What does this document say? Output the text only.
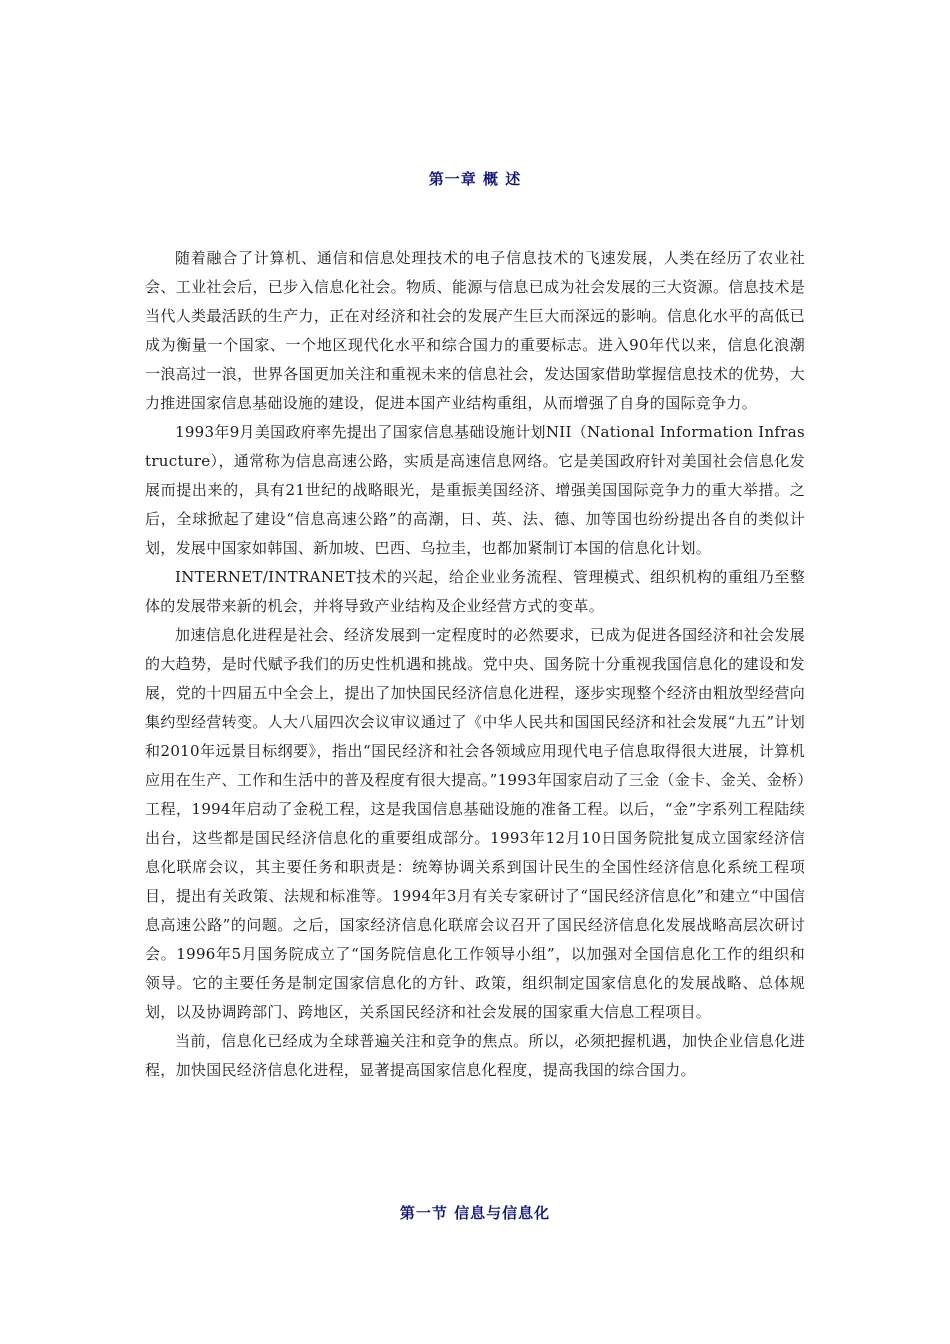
第一章 概 述

随着融合了计算机、通信和信息处理技术的电子信息技术的飞速发展，人类在经历了农业社会、工业社会后，已步入信息化社会。物质、能源与信息已成为社会发展的三大资源。信息技术是当代人类最活跃的生产力，正在对经济和社会的发展产生巨大而深远的影响。信息化水平的高低已成为衡量一个国家、一个地区现代化水平和综合国力的重要标志。进入90年代以来，信息化浪潮一浪高过一浪，世界各国更加关注和重视未来的信息社会，发达国家借助掌握信息技术的优势，大力推进国家信息基础设施的建设，促进本国产业结构重组，从而增强了自身的国际竞争力。

1993年9月美国政府率先提出了国家信息基础设施计划NII（National Information Infrastructure），通常称为信息高速公路，实质是高速信息网络。它是美国政府针对美国社会信息化发展而提出来的，具有21世纪的战略眼光，是重振美国经济、增强美国国际竞争力的重大举措。之后，全球掀起了建设“信息高速公路”的高潮，日、英、法、德、加等国也纷纷提出各自的类似计划，发展中国家如韩国、新加坡、巴西、乌拉圭，也都加紧制订本国的信息化计划。

INTERNET/INTRANET技术的兴起，给企业业务流程、管理模式、组织机构的重组乃至整体的发展带来新的机会，并将导致产业结构及企业经营方式的变革。

加速信息化进程是社会、经济发展到一定程度时的必然要求，已成为促进各国经济和社会发展的大趋势，是时代赋予我们的历史性机遇和挑战。党中央、国务院十分重视我国信息化的建设和发展，党的十四届五中全会上，提出了加快国民经济信息化进程，逐步实现整个经济由粗放型经营向集约型经营转变。人大八届四次会议审议通过了《中华人民共和国国民经济和社会发展“九五”计划和2010年远景目标纲要》，指出“国民经济和社会各领域应用现代电子信息取得很大进展，计算机应用在生产、工作和生活中的普及程度有很大提高。”1993年国家启动了三金（金卡、金关、金桥）工程，1994年启动了金税工程，这是我国信息基础设施的准备工程。以后，“金”字系列工程陆续出台，这些都是国民经济信息化的重要组成部分。1993年12月10日国务院批复成立国家经济信息化联席会议，其主要任务和职责是：统筹协调关系到国计民生的全国性经济信息化系统工程项目，提出有关政策、法规和标准等。1994年3月有关专家研讨了“国民经济信息化”和建立“中国信息高速公路”的问题。之后，国家经济信息化联席会议召开了国民经济信息化发展战略高层次研讨会。1996年5月国务院成立了“国务院信息化工作领导小组”，以加强对全国信息化工作的组织和领导。它的主要任务是制定国家信息化的方针、政策，组织制定国家信息化的发展战略、总体规划，以及协调跨部门、跨地区，关系国民经济和社会发展的国家重大信息工程项目。

当前，信息化已经成为全球普遍关注和竞争的焦点。所以，必须把握机遇，加快企业信息化进程，加快国民经济信息化进程，显著提高国家信息化程度，提高我国的综合国力。

第一节 信息与信息化
